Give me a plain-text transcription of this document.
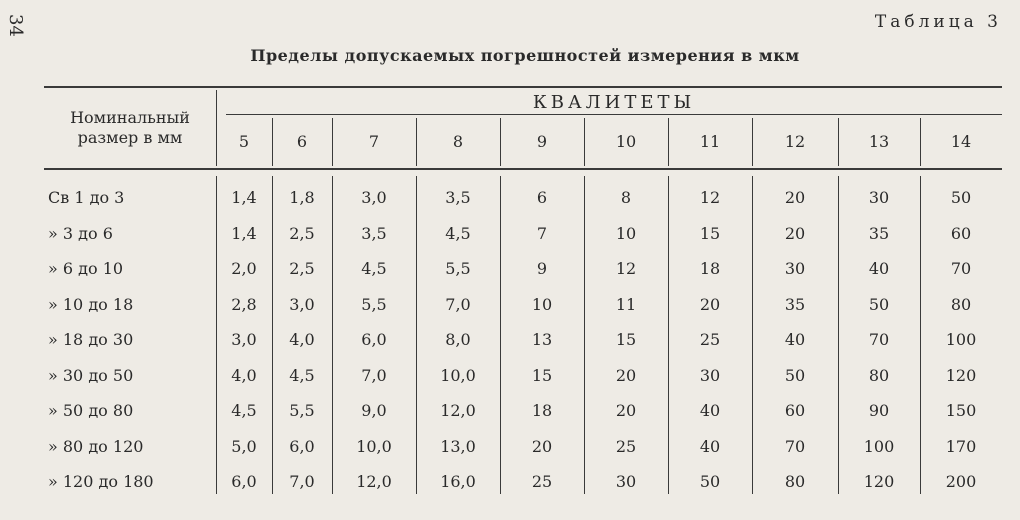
34	Таблица 3
Пределы допускаемых погрешностей измерения в мкм
Номинальный
размер в мм
КВАЛИТЕТЫ
5	6	7	8	9	10	11	12	13	14
Св 1 до 3	1,4	1,8	3,0	3,5	6	8	12	20	30	50
» 3 до 6	1,4	2,5	3,5	4,5	7	10	15	20	35	60
» 6 до 10	2,0	2,5	4,5	5,5	9	12	18	30	40	70
» 10 до 18	2,8	3,0	5,5	7,0	10	11	20	35	50	80
» 18 до 30	3,0	4,0	6,0	8,0	13	15	25	40	70	100
» 30 до 50	4,0	4,5	7,0	10,0	15	20	30	50	80	120
» 50 до 80	4,5	5,5	9,0	12,0	18	20	40	60	90	150
» 80 до 120	5,0	6,0	10,0	13,0	20	25	40	70	100	170
» 120 до 180	6,0	7,0	12,0	16,0	25	30	50	80	120	200
